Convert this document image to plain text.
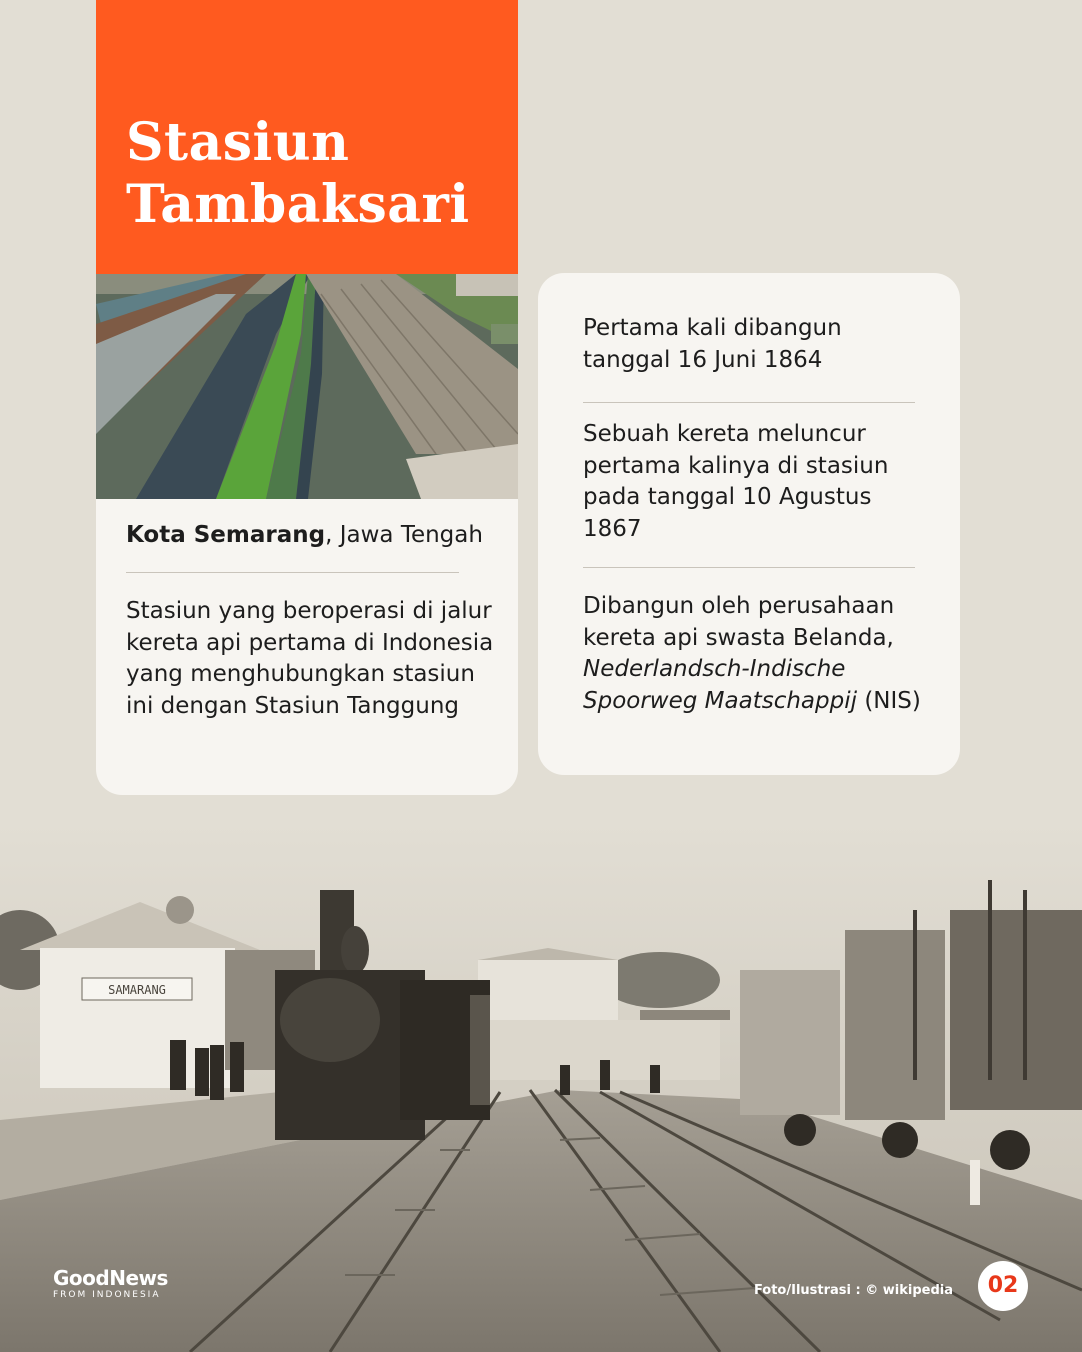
SAMARANG
Stasiun
Tambaksari
Kota Semarang, Jawa Tengah
Stasiun yang beroperasi di jalur kereta api pertama di Indonesia yang menghubungkan stasiun ini dengan Stasiun Tanggung
Pertama kali dibangun tanggal 16 Juni 1864
Sebuah kereta meluncur pertama kalinya di stasiun pada tanggal 10 Agustus 1867
Dibangun oleh perusahaan kereta api swasta Belanda, Nederlandsch-Indische Spoorweg Maatschappij (NIS)
GoodNews
FROM INDONESIA	Foto/Ilustrasi : © wikipedia	02
